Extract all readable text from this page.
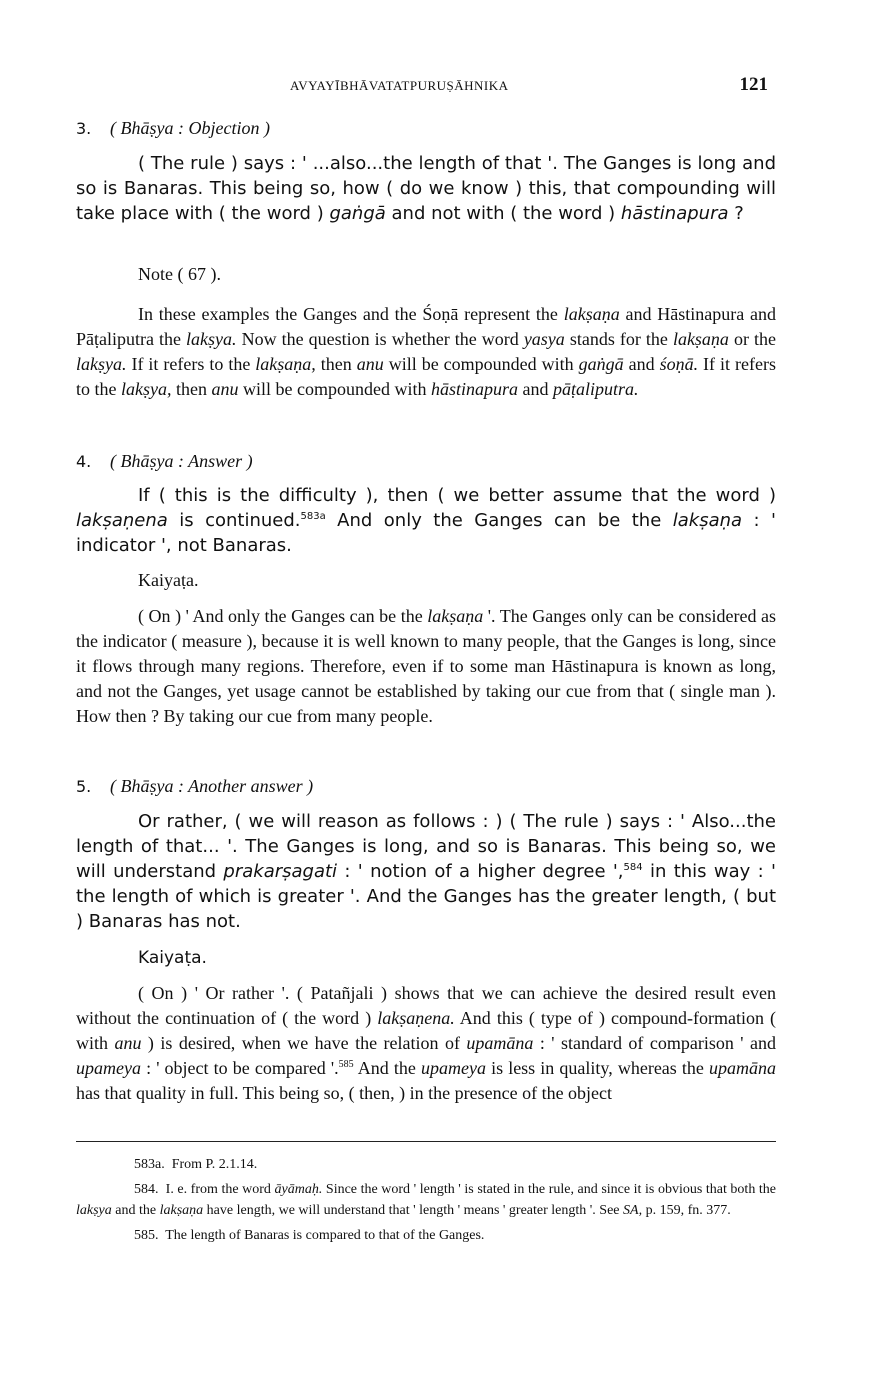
AVYAYĪBHĀVATATPURUṢĀHNIKA	121
3. ( Bhāṣya : Objection )

( The rule ) says : ' ...also...the length of that '. The Ganges is long and so is Banaras. This being so, how ( do we know ) this, that compounding will take place with ( the word ) gaṅgā and not with ( the word ) hāstinapura ?

Note ( 67 ).

In these examples the Ganges and the Śoṇā represent the lakṣaṇa and Hāstinapura and Pāṭaliputra the lakṣya. Now the question is whether the word yasya stands for the lakṣaṇa or the lakṣya. If it refers to the lakṣaṇa, then anu will be compounded with gaṅgā and śoṇā. If it refers to the lakṣya, then anu will be compounded with hāstinapura and pāṭaliputra.

4. ( Bhāṣya : Answer )

If ( this is the difficulty ), then ( we better assume that the word ) lakṣaṇena is continued.$^{583a}$ And only the Ganges can be the lakṣaṇa : ' indicator ', not Banaras.

Kaiyaṭa.

( On ) ' And only the Ganges can be the lakṣaṇa '. The Ganges only can be considered as the indicator ( measure ), because it is well known to many people, that the Ganges is long, since it flows through many regions. Therefore, even if to some man Hāstinapura is known as long, and not the Ganges, yet usage cannot be established by taking our cue from that ( single man ). How then ? By taking our cue from many people.

5. ( Bhāṣya : Another answer )

Or rather, ( we will reason as follows : ) ( The rule ) says : ' Also...the length of that... '. The Ganges is long, and so is Banaras. This being so, we will understand prakarṣagati : ' notion of a higher degree ',$^{584}$ in this way : ' the length of which is greater '. And the Ganges has the greater length, ( but ) Banaras has not.

Kaiyaṭa.

( On ) ' Or rather '. ( Patañjali ) shows that we can achieve the desired result even without the continuation of ( the word ) lakṣaṇena. And this ( type of ) compound-formation ( with anu ) is desired, when we have the relation of upamāna : ' standard of comparison ' and upameya : ' object to be compared '.$^{585}$ And the upameya is less in quality, whereas the upamāna has that quality in full. This being so, ( then, ) in the presence of the object

583a. From P. 2.1.14.

584. I. e. from the word āyāmaḥ. Since the word ' length ' is stated in the rule, and since it is obvious that both the lakṣya and the lakṣaṇa have length, we will understand that ' length ' means ' greater length '. See SA, p. 159, fn. 377.

585. The length of Banaras is compared to that of the Ganges.
